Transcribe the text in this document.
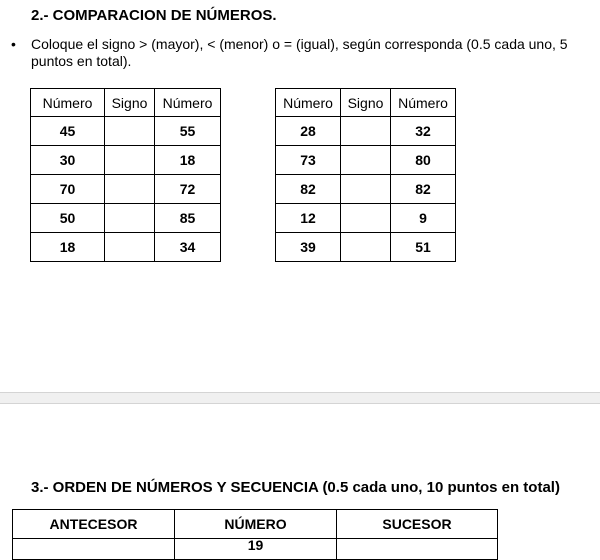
2.- COMPARACION DE NÚMEROS.
• Coloque el signo > (mayor), < (menor) o = (igual), según corresponda (0.5 cada uno, 5 puntos en total).
Número	Signo	Número
45		55
30		18
70		72
50		85
18		34
Número	Signo	Número
28		32
73		80
82		82
12		9
39		51
3.- ORDEN DE NÚMEROS Y SECUENCIA (0.5 cada uno, 10 puntos en total)
ANTECESOR	NÚMERO	SUCESOR
	19	
